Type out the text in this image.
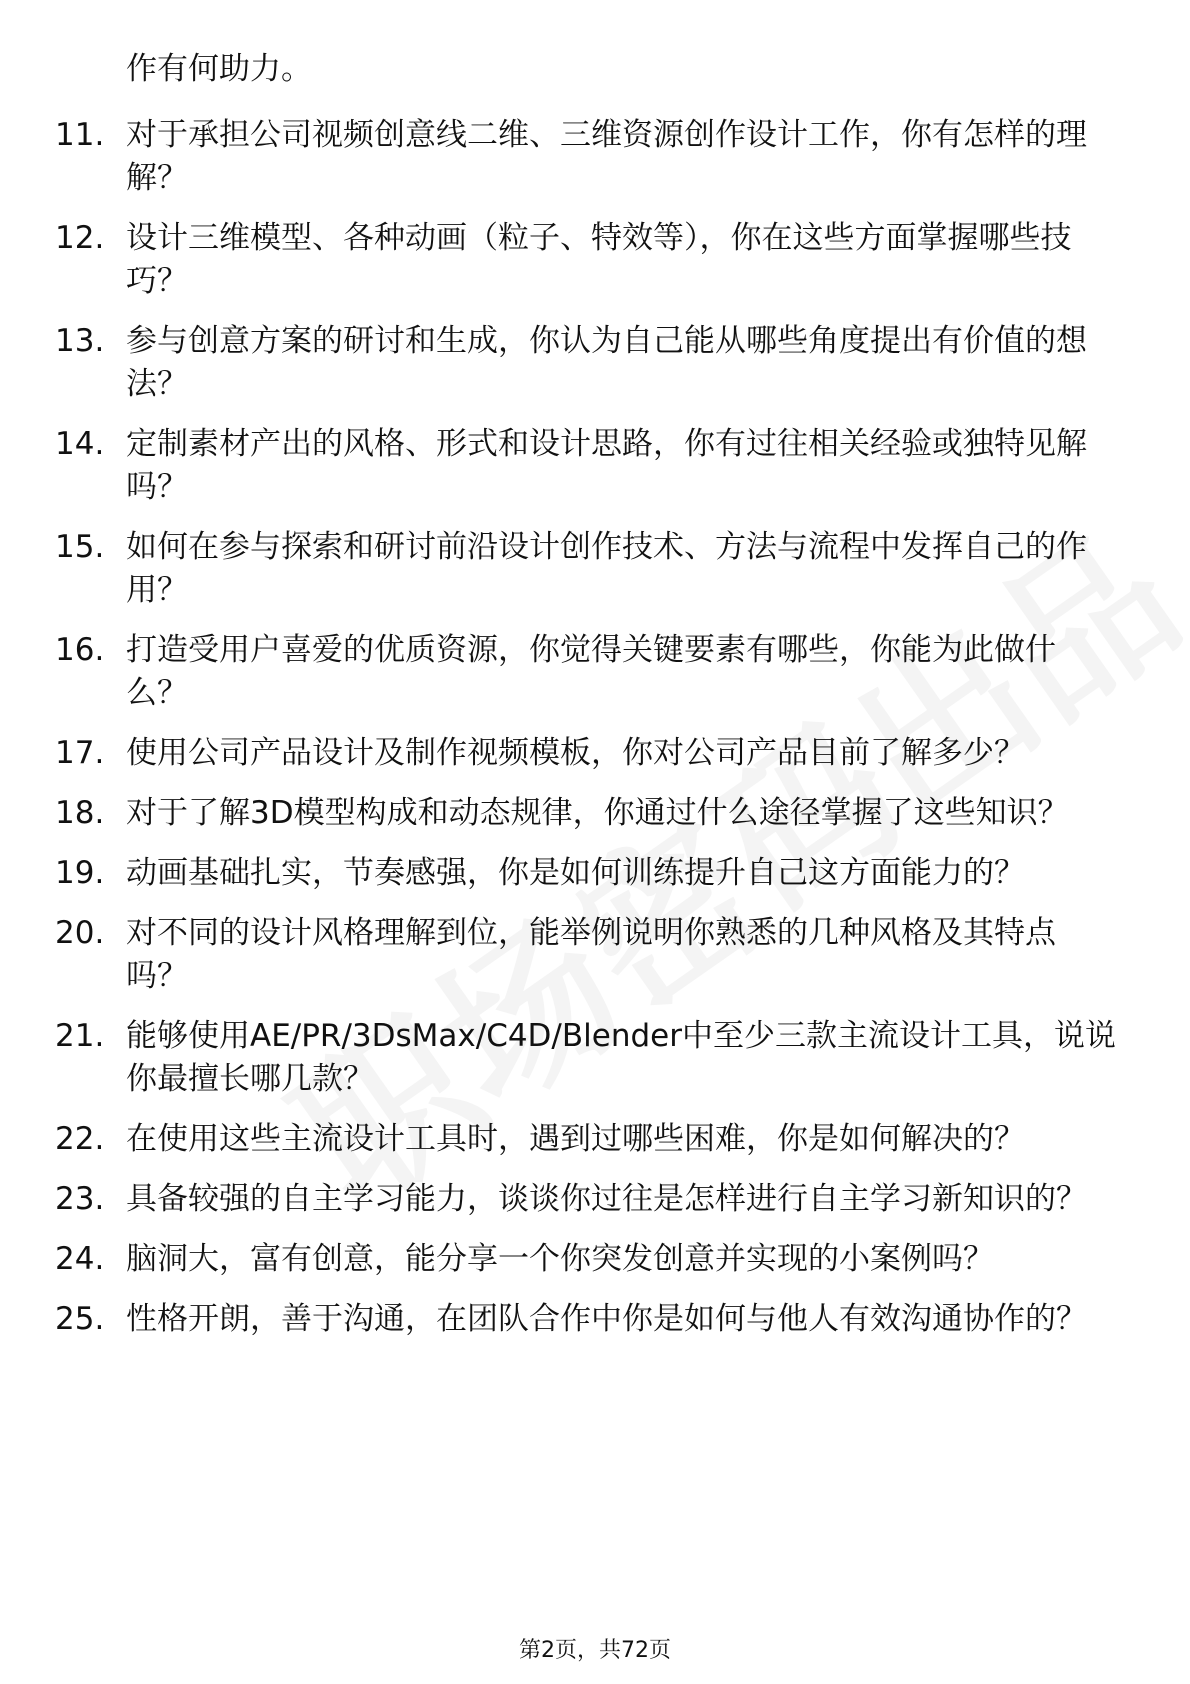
作有何助力。

11. 对于承担公司视频创意线二维、三维资源创作设计工作，你有怎样的理解？
12. 设计三维模型、各种动画（粒子、特效等），你在这些方面掌握哪些技巧？
13. 参与创意方案的研讨和生成，你认为自己能从哪些角度提出有价值的想法？
14. 定制素材产出的风格、形式和设计思路，你有过往相关经验或独特见解吗？
15. 如何在参与探索和研讨前沿设计创作技术、方法与流程中发挥自己的作用？
16. 打造受用户喜爱的优质资源，你觉得关键要素有哪些，你能为此做什么？
17. 使用公司产品设计及制作视频模板，你对公司产品目前了解多少？
18. 对于了解3D模型构成和动态规律，你通过什么途径掌握了这些知识？
19. 动画基础扎实，节奏感强，你是如何训练提升自己这方面能力的？
20. 对不同的设计风格理解到位，能举例说明你熟悉的几种风格及其特点吗？
21. 能够使用AE/PR/3DsMax/C4D/Blender中至少三款主流设计工具，说说你最擅长哪几款？
22. 在使用这些主流设计工具时，遇到过哪些困难，你是如何解决的？
23. 具备较强的自主学习能力，谈谈你过往是怎样进行自主学习新知识的？
24. 脑洞大，富有创意，能分享一个你突发创意并实现的小案例吗？
25. 性格开朗，善于沟通，在团队合作中你是如何与他人有效沟通协作的？
第2页，共72页
